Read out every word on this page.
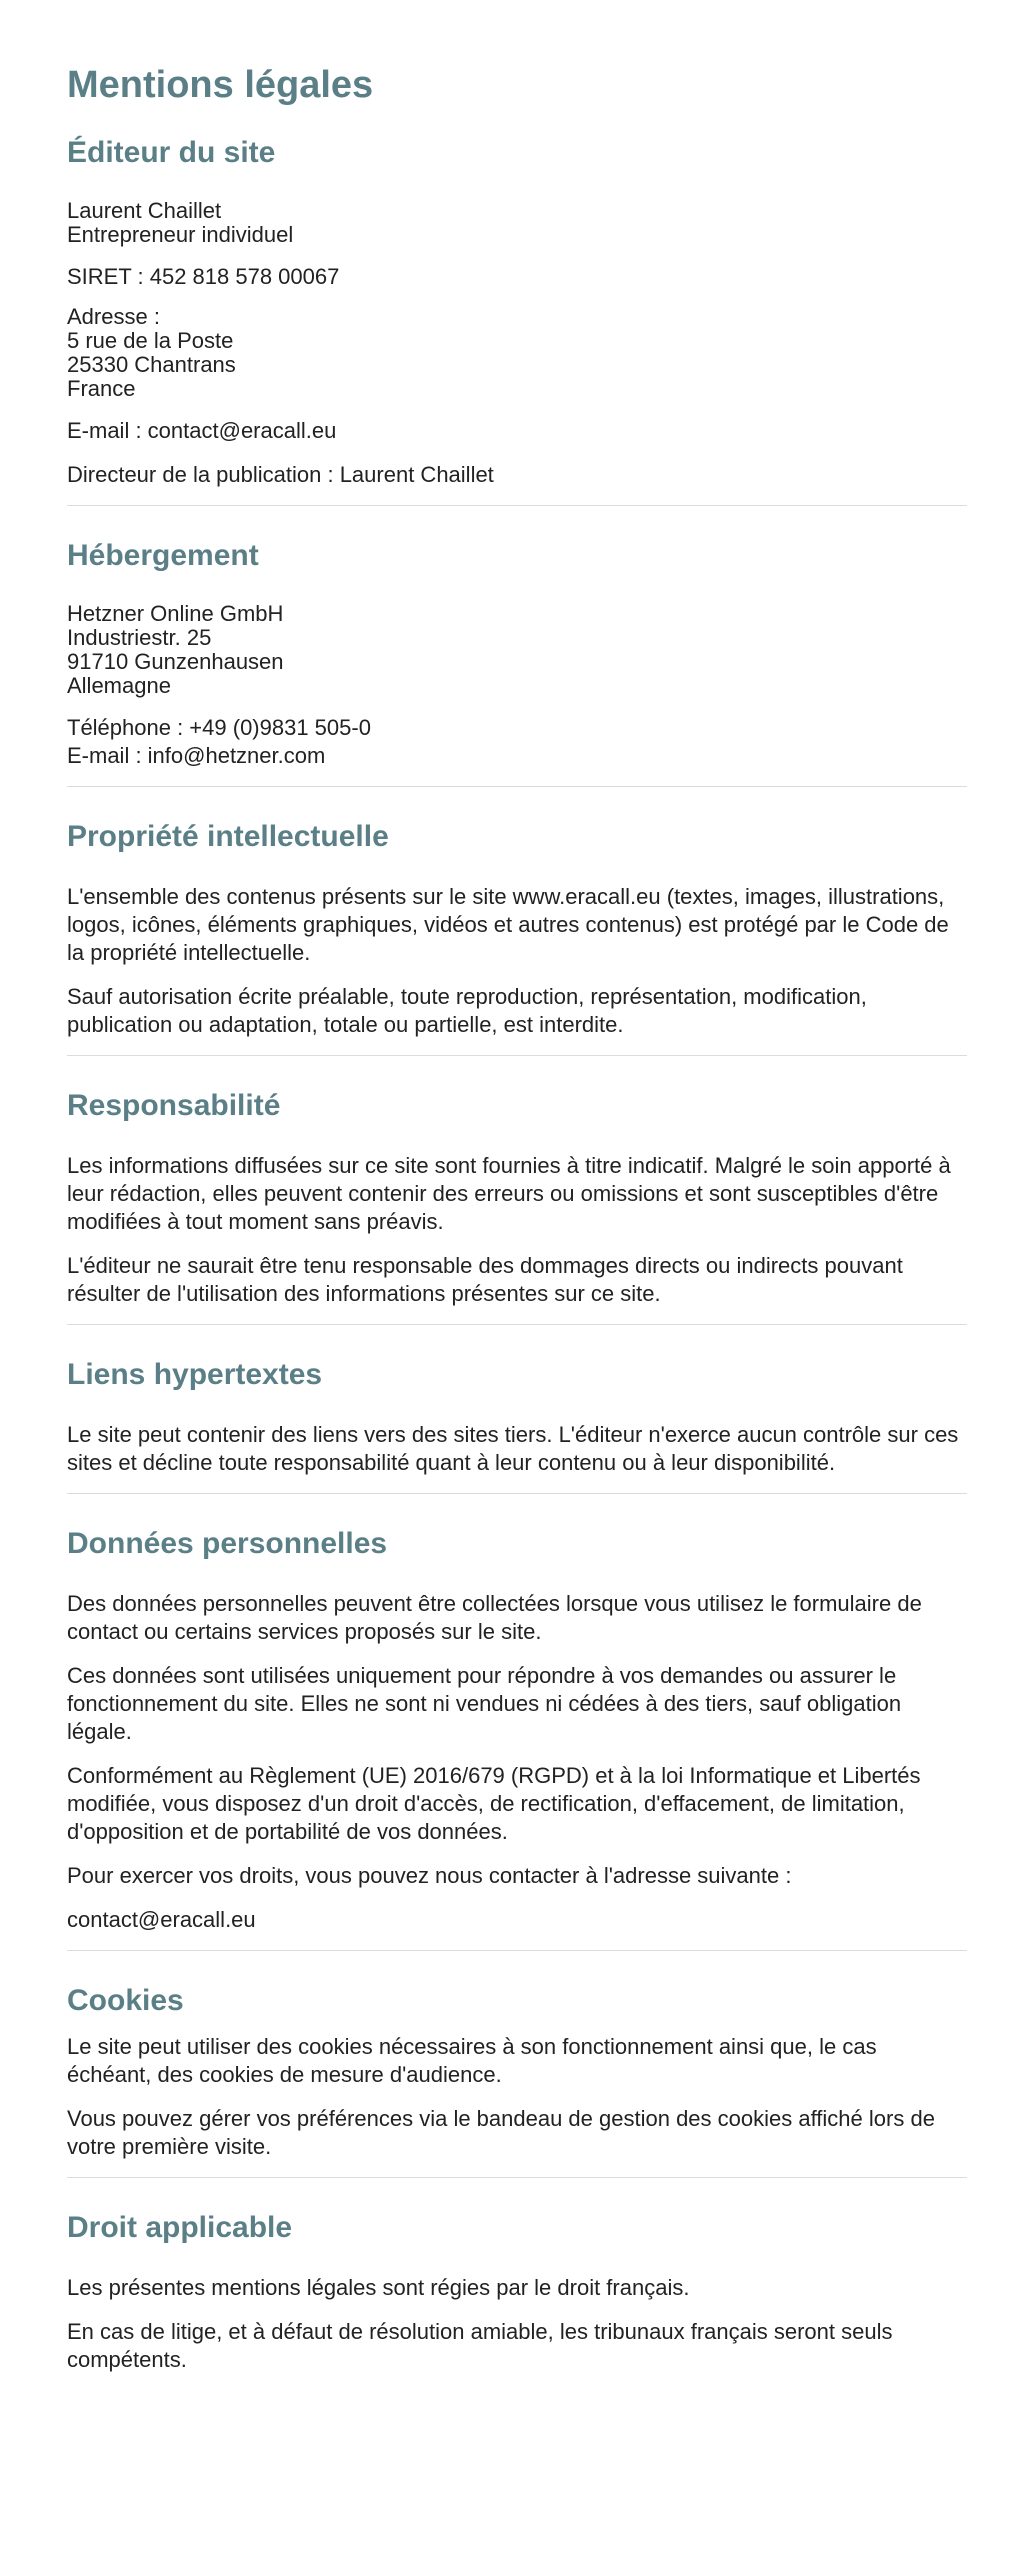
Mentions légales
Éditeur du site
Laurent Chaillet
Entrepreneur individuel

SIRET : 452 818 578 00067

Adresse :
5 rue de la Poste
25330 Chantrans
France

E-mail : contact@eracall.eu

Directeur de la publication : Laurent Chaillet

Hébergement
Hetzner Online GmbH
Industriestr. 25
91710 Gunzenhausen
Allemagne
Téléphone : +49 (0)9831 505-0
E-mail : info@hetzner.com
Propriété intellectuelle

L'ensemble des contenus présents sur le site www.eracall.eu (textes, images, illustrations, logos, icônes, éléments graphiques, vidéos et autres contenus) est protégé par le Code de la propriété intellectuelle.

Sauf autorisation écrite préalable, toute reproduction, représentation, modification, publication ou adaptation, totale ou partielle, est interdite.

Responsabilité

Les informations diffusées sur ce site sont fournies à titre indicatif. Malgré le soin apporté à leur rédaction, elles peuvent contenir des erreurs ou omissions et sont susceptibles d'être modifiées à tout moment sans préavis.

L'éditeur ne saurait être tenu responsable des dommages directs ou indirects pouvant résulter de l'utilisation des informations présentes sur ce site.

Liens hypertextes

Le site peut contenir des liens vers des sites tiers. L'éditeur n'exerce aucun contrôle sur ces sites et décline toute responsabilité quant à leur contenu ou à leur disponibilité.

Données personnelles

Des données personnelles peuvent être collectées lorsque vous utilisez le formulaire de contact ou certains services proposés sur le site.

Ces données sont utilisées uniquement pour répondre à vos demandes ou assurer le fonctionnement du site. Elles ne sont ni vendues ni cédées à des tiers, sauf obligation légale.

Conformément au Règlement (UE) 2016/679 (RGPD) et à la loi Informatique et Libertés modifiée, vous disposez d'un droit d'accès, de rectification, d'effacement, de limitation, d'opposition et de portabilité de vos données.

Pour exercer vos droits, vous pouvez nous contacter à l'adresse suivante :

contact@eracall.eu

Cookies

Le site peut utiliser des cookies nécessaires à son fonctionnement ainsi que, le cas échéant, des cookies de mesure d'audience.

Vous pouvez gérer vos préférences via le bandeau de gestion des cookies affiché lors de votre première visite.

Droit applicable

Les présentes mentions légales sont régies par le droit français.

En cas de litige, et à défaut de résolution amiable, les tribunaux français seront seuls compétents.
